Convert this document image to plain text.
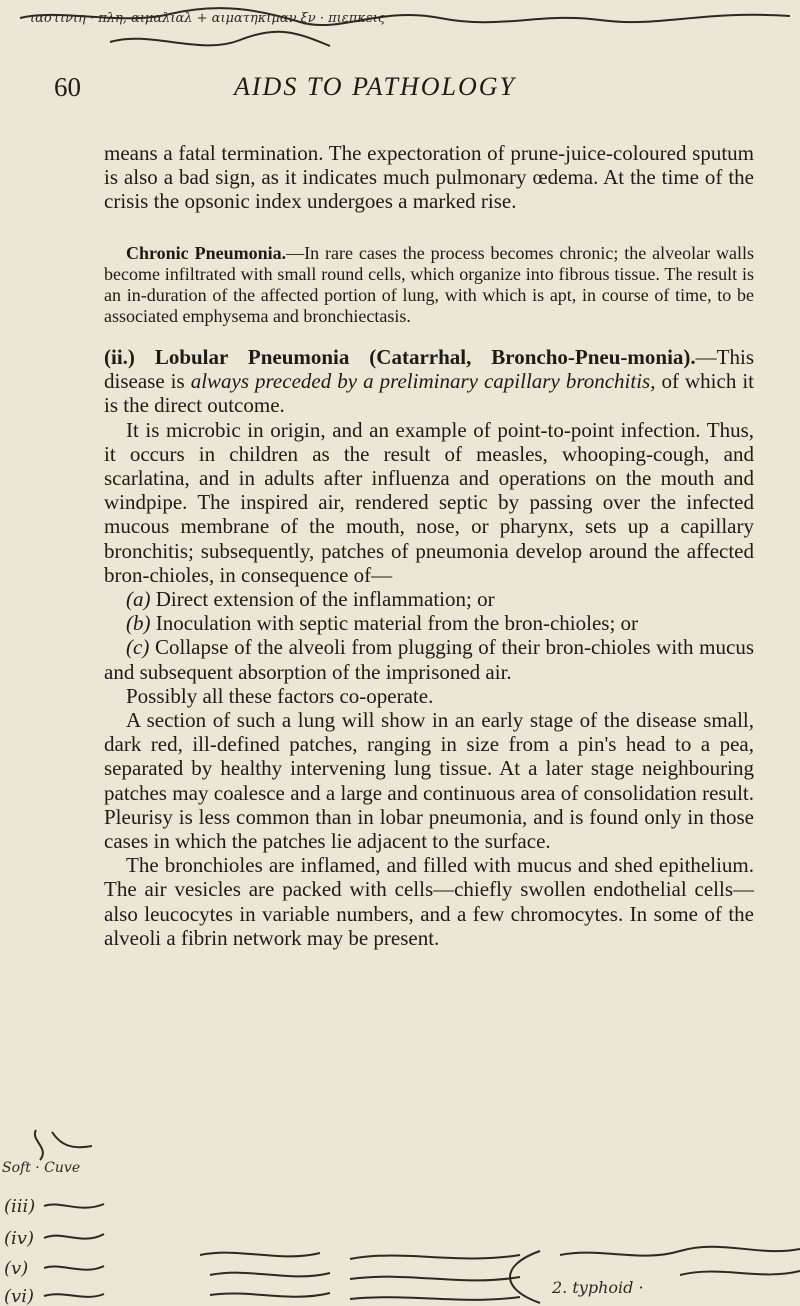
ιαστινιη · πλη, αιμαλιαλ + αιματηκιμαν ξν · πιεπκεις
60	AIDS TO PATHOLOGY

means a fatal termination. The expectoration of prune-juice-coloured sputum is also a bad sign, as it indicates much pulmonary œdema. At the time of the crisis the opsonic index undergoes a marked rise.

Chronic Pneumonia.—In rare cases the process becomes chronic; the alveolar walls become infiltrated with small round cells, which organize into fibrous tissue. The result is an in-duration of the affected portion of lung, with which is apt, in course of time, to be associated emphysema and bronchiectasis.

(ii.) Lobular Pneumonia (Catarrhal, Broncho-Pneu-monia).—This disease is always preceded by a preliminary capillary bronchitis, of which it is the direct outcome.

It is microbic in origin, and an example of point-to-point infection. Thus, it occurs in children as the result of measles, whooping-cough, and scarlatina, and in adults after influenza and operations on the mouth and windpipe. The inspired air, rendered septic by passing over the infected mucous membrane of the mouth, nose, or pharynx, sets up a capillary bronchitis; subsequently, patches of pneumonia develop around the affected bron-chioles, in consequence of—

(a) Direct extension of the inflammation; or

(b) Inoculation with septic material from the bron-chioles; or

(c) Collapse of the alveoli from plugging of their bron-chioles with mucus and subsequent absorption of the imprisoned air.

Possibly all these factors co-operate.

A section of such a lung will show in an early stage of the disease small, dark red, ill-defined patches, ranging in size from a pin's head to a pea, separated by healthy intervening lung tissue. At a later stage neighbouring patches may coalesce and a large and continuous area of consolidation result. Pleurisy is less common than in lobar pneumonia, and is found only in those cases in which the patches lie adjacent to the surface.

The bronchioles are inflamed, and filled with mucus and shed epithelium. The air vesicles are packed with cells—chiefly swollen endothelial cells—also leucocytes in variable numbers, and a few chromocytes. In some of the alveoli a fibrin network may be present.

Soft · Cuve
(iii)
(iv)
(v)
(vi)	2. typhoid ·
